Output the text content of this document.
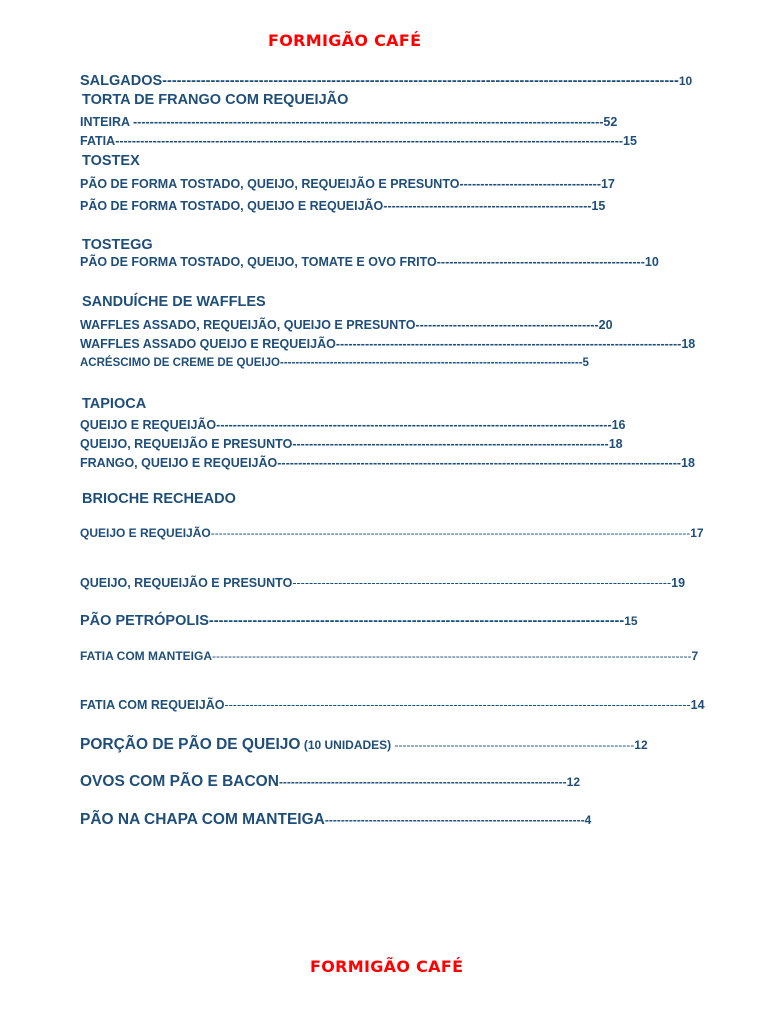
FORMIGÃO CAFÉ
SALGADOS-----------------------------------------------------------------------------------------------------------10
TORTA DE FRANGO COM REQUEIJÃO
INTEIRA -----------------------------------------------------------------------------------------------------------------52
FATIA--------------------------------------------------------------------------------------------------------------------------15
TOSTEX
PÃO DE FORMA TOSTADO, QUEIJO, REQUEIJÃO E PRESUNTO----------------------------------17
PÃO DE FORMA TOSTADO, QUEIJO E REQUEIJÃO--------------------------------------------------15
TOSTEGG
PÃO DE FORMA TOSTADO, QUEIJO, TOMATE E OVO FRITO--------------------------------------------------10
SANDUÍCHE DE WAFFLES
WAFFLES ASSADO, REQUEIJÃO, QUEIJO E PRESUNTO--------------------------------------------20
WAFFLES ASSADO QUEIJO E REQUEIJÃO-----------------------------------------------------------------------------------18
ACRÉSCIMO DE CREME DE QUEIJO-------------------------------------------------------------------------------5
TAPIOCA
QUEIJO E REQUEIJÃO-----------------------------------------------------------------------------------------------16
QUEIJO, REQUEIJÃO E PRESUNTO----------------------------------------------------------------------------18
FRANGO, QUEIJO E REQUEIJÃO-------------------------------------------------------------------------------------------------18
BRIOCHE RECHEADO
QUEIJO E REQUEIJÃO------------------------------------------------------------------------------------------------------------------------17
QUEIJO, REQUEIJÃO E PRESUNTO-------------------------------------------------------------------------------------------19
PÃO PETRÓPOLIS--------------------------------------------------------------------------------------15
FATIA COM MANTEIGA------------------------------------------------------------------------------------------------------------------------7
FATIA COM REQUEIJÃO----------------------------------------------------------------------------------------------------------------14
PORÇÃO DE PÃO DE QUEIJO (10 UNIDADES) ------------------------------------------------------------12
OVOS COM PÃO E BACON------------------------------------------------------------------------12
PÃO NA CHAPA COM MANTEIGA-----------------------------------------------------------------4
FORMIGÃO CAFÉ
